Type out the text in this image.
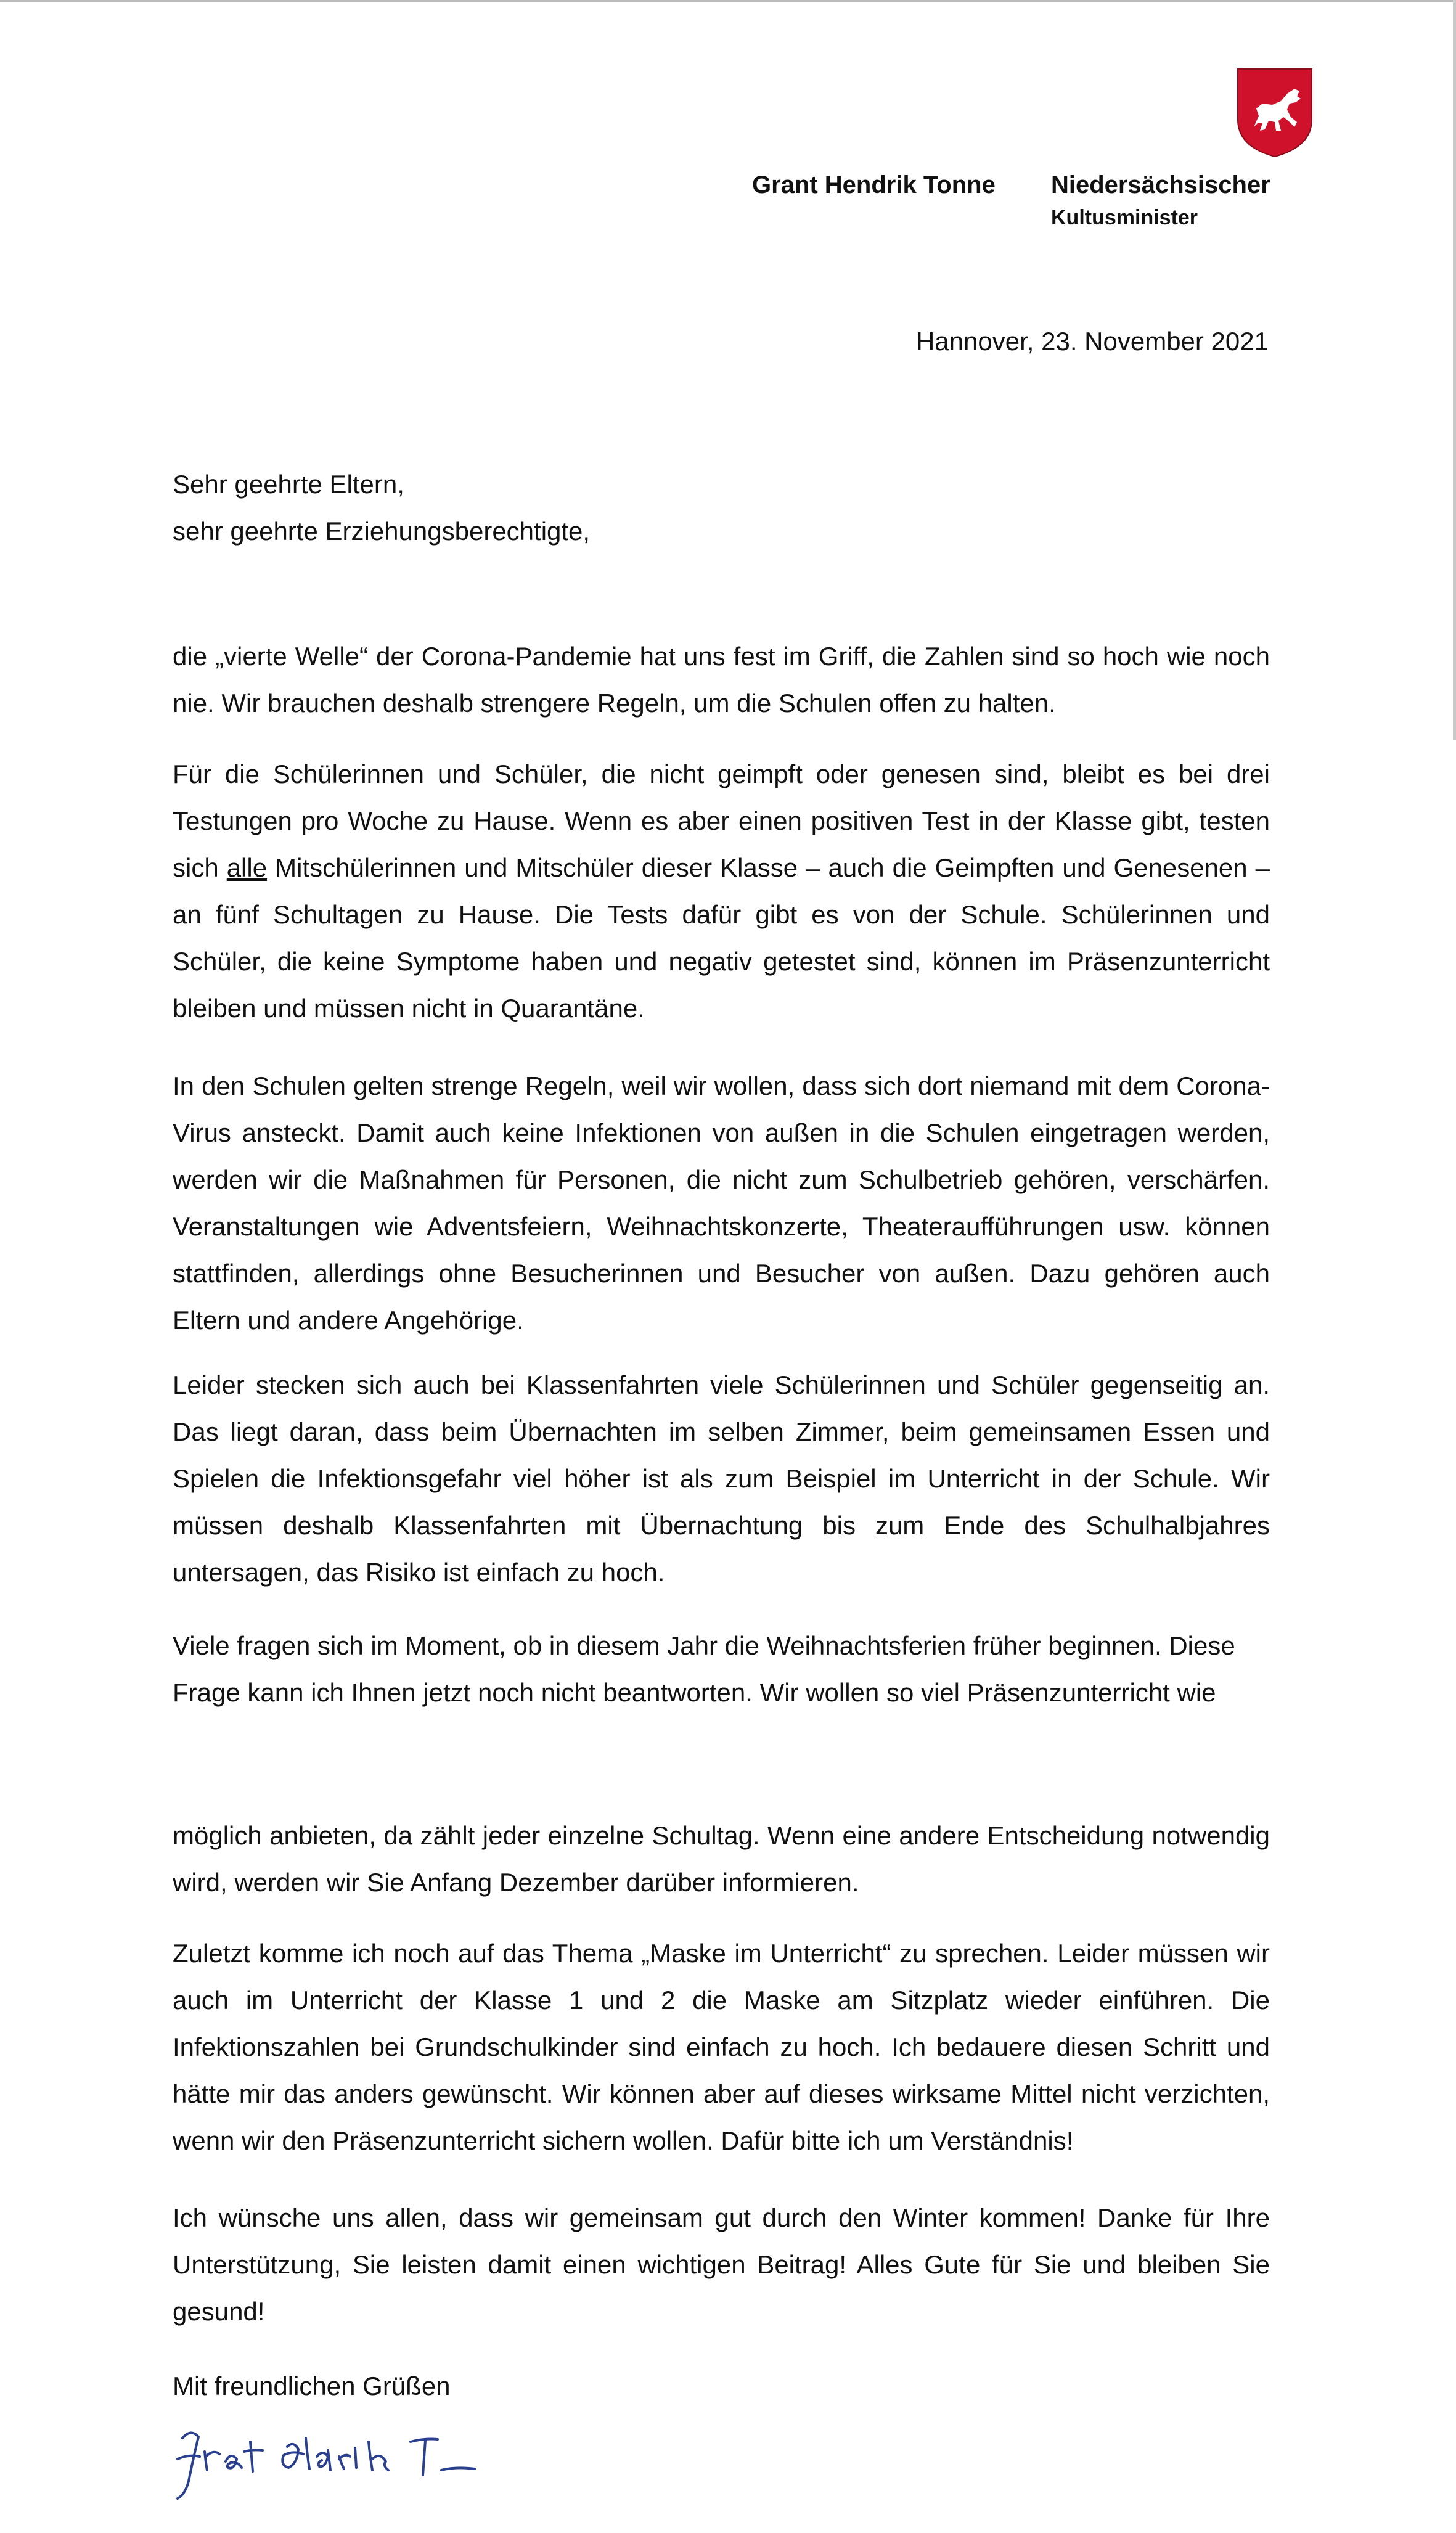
Grant Hendrik Tonne Niedersächsischer
Kultusminister
Hannover, 23. November 2021
Sehr geehrte Eltern,
sehr geehrte Erziehungsberechtigte,

die „vierte Welle“ der Corona-Pandemie hat uns fest im Griff, die Zahlen sind so hoch wie noch nie. Wir brauchen deshalb strengere Regeln, um die Schulen offen zu halten.

Für die Schülerinnen und Schüler, die nicht geimpft oder genesen sind, bleibt es bei drei Testungen pro Woche zu Hause. Wenn es aber einen positiven Test in der Klasse gibt, testen sich alle Mitschülerinnen und Mitschüler dieser Klasse – auch die Geimpften und Genesenen – an fünf Schultagen zu Hause. Die Tests dafür gibt es von der Schule. Schülerinnen und Schüler, die keine Symptome haben und negativ getestet sind, können im Präsenzunterricht bleiben und müssen nicht in Quarantäne.

In den Schulen gelten strenge Regeln, weil wir wollen, dass sich dort niemand mit dem Corona-Virus ansteckt. Damit auch keine Infektionen von außen in die Schulen eingetragen werden, werden wir die Maßnahmen für Personen, die nicht zum Schulbetrieb gehören, verschärfen. Veranstaltungen wie Adventsfeiern, Weihnachtskonzerte, Theateraufführungen usw. können stattfinden, allerdings ohne Besucherinnen und Besucher von außen. Dazu gehören auch Eltern und andere Angehörige.

Leider stecken sich auch bei Klassenfahrten viele Schülerinnen und Schüler gegenseitig an. Das liegt daran, dass beim Übernachten im selben Zimmer, beim gemeinsamen Essen und Spielen die Infektionsgefahr viel höher ist als zum Beispiel im Unterricht in der Schule. Wir müssen deshalb Klassenfahrten mit Übernachtung bis zum Ende des Schulhalbjahres untersagen, das Risiko ist einfach zu hoch.

Viele fragen sich im Moment, ob in diesem Jahr die Weihnachtsferien früher beginnen. Diese Frage kann ich Ihnen jetzt noch nicht beantworten. Wir wollen so viel Präsenzunterricht wie

möglich anbieten, da zählt jeder einzelne Schultag. Wenn eine andere Entscheidung notwendig wird, werden wir Sie Anfang Dezember darüber informieren.

Zuletzt komme ich noch auf das Thema „Maske im Unterricht“ zu sprechen. Leider müssen wir auch im Unterricht der Klasse 1 und 2 die Maske am Sitzplatz wieder einführen. Die Infektionszahlen bei Grundschulkinder sind einfach zu hoch. Ich bedauere diesen Schritt und hätte mir das anders gewünscht. Wir können aber auf dieses wirksame Mittel nicht verzichten, wenn wir den Präsenzunterricht sichern wollen. Dafür bitte ich um Verständnis!

Ich wünsche uns allen, dass wir gemeinsam gut durch den Winter kommen! Danke für Ihre Unterstützung, Sie leisten damit einen wichtigen Beitrag! Alles Gute für Sie und bleiben Sie gesund!

Mit freundlichen Grüßen
